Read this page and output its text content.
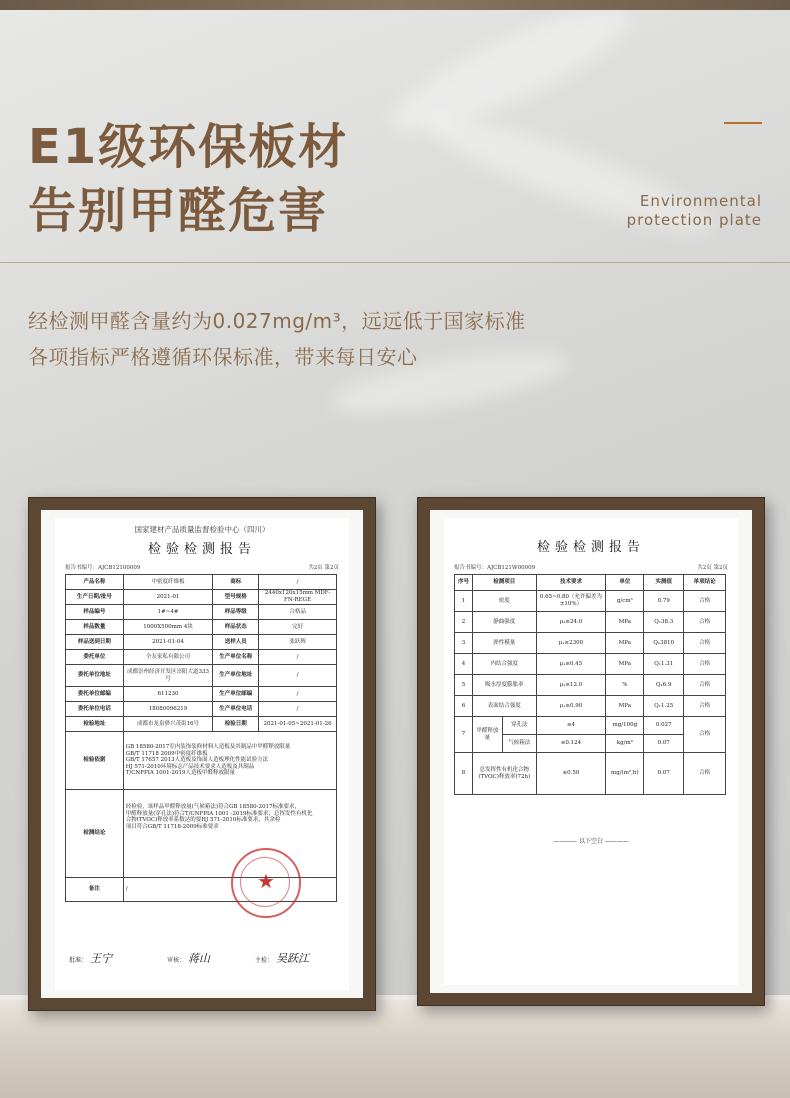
E1级环保板材
告别甲醛危害	Environmental
protection plate
经检测甲醛含量约为0.027mg/m³，远远低于国家标准
各项指标严格遵循环保标准，带来每日安心
国家建材产品质量监督检验中心（四川）
检验检测报告
报告书编号：AJCB12100009	共2页 第2页
产品名称	中密度纤维板	商标	/
生产日期/批号	2021-01	型号规格	2440x120x15mm MDF-FN-REGE
样品编号	1#~4#	样品等级	合格品
样品数量	1000X500mm 4块	样品状态	完好
样品送到日期	2021-01-04	送样人员	张跃辉
委托单位	全友家私有限公司	生产单位名称	/
委托单位地址	成都崇州经济开发区崇阳大道333号	生产单位地址	/
委托单位邮编	611230	生产单位邮编	/
委托单位电话	18080096219	生产单位电话	/
检验地址	成都市龙泉驿兴茂街16号	检验日期	2021-01-05~2021-01-26
检验依据	GB 18580-2017室内装饰装修材料人造板及其制品中甲醛释放限量
GB/T 11718 2009中密度纤维板
GB/T 17657 2013人造板及饰面人造板理化性能试验方法
HJ 571-2010环境标志产品技术要求人造板及其制品
T/CNFPIA 1001-2019人造板甲醛释放限量		

检测结论	经检验，该样品甲醛释放量(气候箱法)符合GB 18580-2017标准要求，
甲醛释放量(穿孔法)符合T/CNFPIA 1001 -2019标准要求；总挥发性有机化
合物(TVOC)释放率系数达的要HJ 571-2010标准要求，其余检
项目符合GB/T 11718-2009标准要求		

备注	/			★
批准： 王宁	审核： 蒋山	主检： 吴跃江
检验检测报告
报告书编号：AJCB121W00009	共2页 第2页
序号	检测项目		技术要求	单位	实测值	单项结论
1	密度		0.65~0.80（允许偏差为±10%）	g/cm³	0.79	合格
2	静曲强度		μ₁≥24.0	MPa	Q₁38.3	合格
3	弹性模量		μ₁≥2300	MPa	Q₁3810	合格
4	内结合强度		μ₁≥0.45	MPa	Q₁1.31	合格
5	吸水厚度膨胀率		μ₁≤12.0	%	Q₁6.9	合格
6	表面结合强度		μ₁≥0.90	MPa	Q₁1.25	合格
7	甲醛释放量	穿孔法	≤4	mg/100g	0.027	合格
		气候箱法	≤0.124	kg/m³	0.07	
8	总发挥性有机化合物(TVOC)释放率(72h)		≤0.50	mg/(m²,h)	0.07	合格
———— 以下空白 ————
